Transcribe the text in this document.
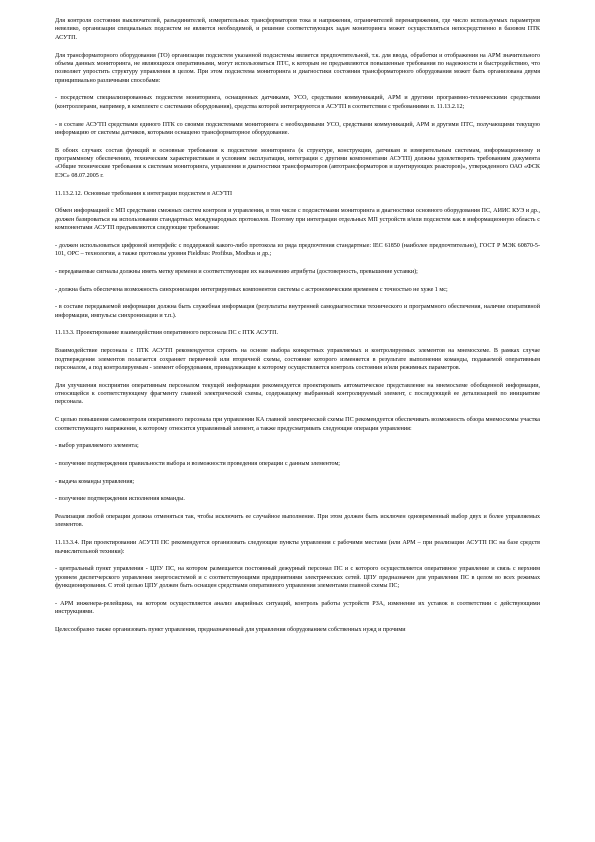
Для контроля состояния выключателей, разъединителей, измерительных трансформаторов тока и напряжения, ограничителей перенапряжения, где число используемых параметров невелико, организация специальных подсистем не является необходимой, и решение соответствующих задач мониторинга может осуществляться непосредственно в базовом ПТК АСУТП.

Для трансформаторного оборудования (ТО) организация подсистем указанной подсистемы является предпочтительной, т.к. для ввода, обработки и отображения на АРМ значительного объема данных мониторинга, не являющихся оперативными, могут использоваться ПТС, к которым не предъявляются повышенные требования по надежности и быстродействию, что позволяет упростить структуру управления в целом. При этом подсистема мониторинга и диагностики состояния трансформаторного оборудования может быть организована двумя принципиально различными способами:

- посредством специализированных подсистем мониторинга, оснащенных датчиками, УСО, средствами коммуникаций, АРМ и другими программно-техническими средствами (контроллерами, например, в комплекте с системами оборудования), средства которой интегрируются в АСУТП в соответствии с требованиями п. 11.13.2.12;

- в составе АСУТП средствами единого ПТК со своими подсистемами мониторинга с необходимыми УСО, средствами коммуникаций, АРМ и другими ПТС, получающими текущую информацию от системы датчиков, которыми оснащено трансформаторное оборудование.

В обоих случаях состав функций и основные требования к подсистеме мониторинга (к структуре, конструкции, датчикам и измерительным системам, информационному и программному обеспечению, техническим характеристикам и условиям эксплуатации, интеграции с другими компонентами АСУТП) должны удовлетворять требованиям документа «Общие технические требования к системам мониторинга, управления и диагностики трансформаторов (автотрансформаторов и шунтирующих реакторов)», утвержденного ОАО «ФСК ЕЭС» 08.07.2005 г.

11.13.2.12. Основные требования к интеграции подсистем в АСУТП

Обмен информацией с МП средствами смежных систем контроля и управления, в том числе с подсистемами мониторинга и диагностики основного оборудования ПС, АИИС КУЭ и др., должен базироваться на использовании стандартных международных протоколов. Поэтому при интеграции отдельных МП устройств и/или подсистем как в информационную область с компонентами АСУТП предъявляются следующие требования:

- должен использоваться цифровой интерфейс с поддержкой какого-либо протокола из ряда предпочтения стандартные: IEC 61850 (наиболее предпочтительно), ГОСТ Р МЭК 60870-5-101, OPC – технологии, а также протоколы уровня Fieldbus: Profibus, Modbus и др.;

- передаваемые сигналы должны иметь метку времени и соответствующие их назначению атрибуты (достоверность, превышение уставки);

- должна быть обеспечена возможность синхронизации интегрируемых компонентов системы с астрономическим временем с точностью не хуже 1 мс;

- в составе передаваемой информации должна быть служебная информация (результаты внутренней самодиагностики технического и программного обеспечения, наличие оперативной информации, импульсы синхронизации и т.п.).

11.13.3. Проектирование взаимодействия оперативного персонала ПС с ПТК АСУТП.

Взаимодействие персонала с ПТК АСУТП рекомендуется строить на основе выбора конкретных управляемых и контролируемых элементов на мнемосхеме. В рамках случае подтверждения элементов полагается сохраняет первичной или вторичной схемы, состояние которого изменяется в результате выполнения команды, подаваемой оперативным персоналом, а под контролируемым - элемент оборудования, принадлежащие к которому осуществляется контроль состояния и/или режимных параметров.

Для улучшения восприятия оперативным персоналом текущей информации рекомендуется проектировать автоматическое представление на мнемосхеме обобщенной информации, относящейся к соответствующему фрагменту главной электрической схемы, содержащему выбранный контролируемый элемент, с последующей ее детализацией по инициативе персонала.

С целью повышения самоконтроля оперативного персонала при управлении КА главной электрической схемы ПС рекомендуется обеспечивать возможность обзора мнемосхемы участка соответствующего напряжения, к которому относится управляемый элемент, а также предусматривать следующие операции управления:

- выбор управляемого элемента;

- получение подтверждения правильности выбора и возможности проведения операции с данным элементом;

- выдача команды управления;

- получение подтверждения исполнения команды.

Реализация любой операции должна отменяться так, чтобы исключить ее случайное выполнение. При этом должен быть исключен одновременный выбор двух и более управляемых элементов.

11.13.3.4. При проектировании АСУТП ПС рекомендуется организовать следующие пункты управления с рабочими местами (или АРМ – при реализации АСУТП ПС на базе средств вычислительной техники):

- центральный пункт управления - ЦПУ ПС, на котором размещается постоянный дежурный персонал ПС и с которого осуществляется оперативное управление и связь с верхним уровнем диспетчерского управления энергосистемой и с соответствующими предприятиями электрических сетей. ЦПУ предназначен для управления ПС в целом во всех режимах функционирования. С этой целью ЦПУ должен быть оснащен средствами оперативного управления элементами главной схемы ПС;

- АРМ инженера-релейщика, на котором осуществляется анализ аварийных ситуаций, контроль работы устройств РЗА, изменение их уставок в соответствии с действующими инструкциями.

Целесообразно также организовать пункт управления, предназначенный для управления оборудованием собственных нужд и прочими
